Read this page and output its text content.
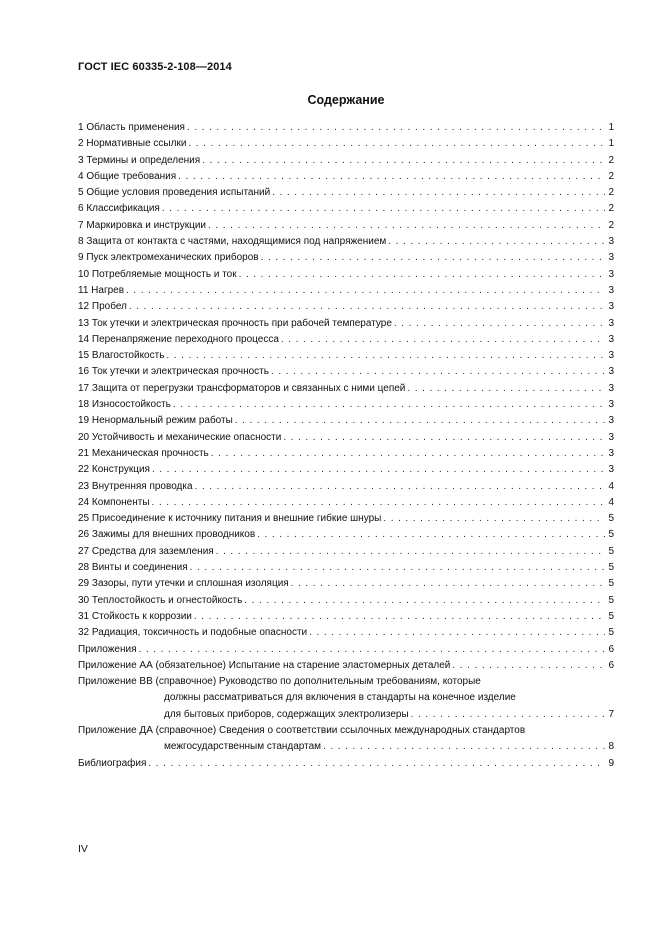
ГОСТ IEC 60335-2-108—2014
Содержание
1 Область применения . . .	1
2 Нормативные ссылки . . .	1
3 Термины и определения . . .	2
4 Общие требования . . .	2
5 Общие условия проведения испытаний . . .	2
6 Классификация . . .	2
7 Маркировка и инструкции . . .	2
8 Защита от контакта с частями, находящимися под напряжением . . .	3
9 Пуск электромеханических приборов . . .	3
10 Потребляемые мощность и ток . . .	3
11 Нагрев . . .	3
12 Пробел . . .	3
13 Ток утечки и электрическая прочность при рабочей температуре . . .	3
14 Перенапряжение переходного процесса . . .	3
15 Влагостойкость . . .	3
16 Ток утечки и электрическая прочность . . .	3
17 Защита от перегрузки трансформаторов и связанных с ними цепей . . .	3
18 Износостойкость . . .	3
19 Ненормальный режим работы . . .	3
20 Устойчивость и механические опасности . . .	3
21 Механическая прочность . . .	3
22 Конструкция . . .	3
23 Внутренняя проводка . . .	4
24 Компоненты . . .	4
25 Присоединение к источнику питания и внешние гибкие шнуры . . .	5
26 Зажимы для внешних проводников . . .	5
27 Средства для заземления . . .	5
28 Винты и соединения . . .	5
29 Зазоры, пути утечки и сплошная изоляция . . .	5
30 Теплостойкость и огнестойкость . . .	5
31 Стойкость к коррозии . . .	5
32 Радиация, токсичность и подобные опасности . . .	5
Приложения . . .	6
Приложение АА (обязательное) Испытание на старение эластомерных деталей . . .	6
Приложение ВВ (справочное) Руководство по дополнительным требованиям, которые
должны рассматриваться для включения в стандарты на конечное изделие
для бытовых приборов, содержащих электролизеры . . .	7
Приложение ДА (справочное) Сведения о соответствии ссылочных международных стандартов
межгосударственным стандартам . . .	8
Библиография . . .	9
IV
